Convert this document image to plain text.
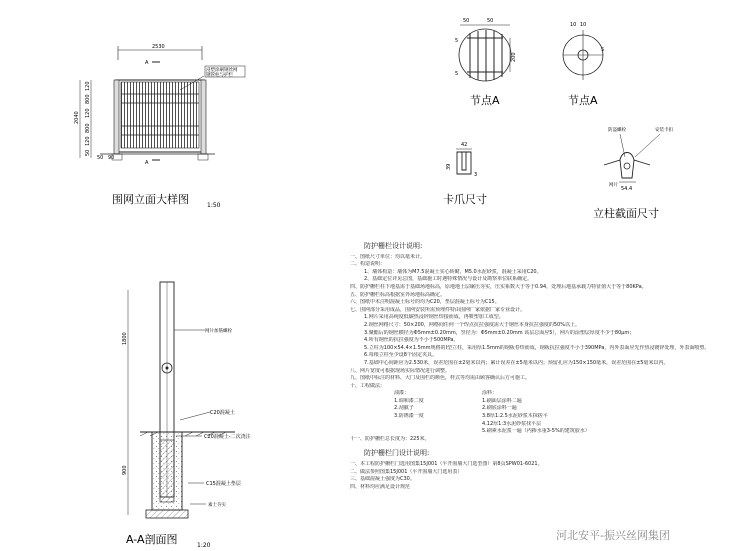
2530
A
A
2040
120
800
120
800
120
50
50 90
浸塑涂刷钢丝网
钢管柱与护栏
围网立面大样图	1:50
50	50
5
5
200
节点A
10 10
5
节点A
42
39
3
卡爪尺寸
防盗螺栓	安装卡扣
网片
54.4
立柱截面尺寸
1800
900
网片加筋螺栓
C20混凝土
C20混凝土-二次浇注
C15混凝土垫层
素土夯实
A-A剖面图	1:20
防护栅栏设计说明:
一、图纸尺寸单位：均以毫米计。
二、构造说明：
1、墙体构造：墙体为M7.5混凝土实心砖砌，M5.0水泥砂浆，混凝土采用C20。
2、基础定位详见总图，基础施工时遇特殊情况与设计及勘察单位联系确定。
四、防护栅栏柱下地基需于基础场地标高，原地地土层碾压夯实，压实系数大于等于0.94，处理后地基承载力特征值大于等于80KPa。
五、防护栅栏标高根据室外场地标高确定。
六、图纸中未注明混凝土标号的均为C20，垫层混凝土标号为C15。
七、围网部分采用成品，围网安装所需预埋件特由围网厂家依据厂家专业设计。
1.网片采用高纯度低碳热浸锌钢丝焊接而成，再喷塑加工成型。
2.钢丝网格尺寸：50×200，网格间任何一个焊点抗拉强度需大于钢丝本身抗拉强度的50%以上。
3.聚酯后的钢丝横径为Φ5mm±0.20mm，竖径为：Φ5mm±0.20mm 该层总面应5），网片的涂塑层厚度不少于80μm；
4.所有钢丝的抗拉强度为不小于500MPa。
5.立柱为100×54.4×1.5mm规格的Ⅰ型立柱，采用厚1.5mm的钢板卷焊而成，钢板抗拉强度不小于390MPa，内外表面应先作热浸镀锌处理，外表面喷塑。
6.每根立柱至少设8个固定夹具。
7.基础中心间距应为2.530米，误差范围在±2毫米以内；累计误差在±5毫米以内；预留孔应为150×150毫米，误差范围在±5毫米以内。
八、网片宽度可根据现场实际情况进行调整。
九、图纸中标注的材料、大门及围栏的颜色，样式等均需由顾客确认后方可施工。
十、工程做法：
油漆：	涂料：
1.调和漆二度	1.刷面层涂料二遍
2.刮腻子	2.刷底涂料一遍
3.防锈漆一度	3.8厚1:2.5水泥砂浆木抹搓平
4.12厚1:3水泥砂浆找平层
5.刷素水泥浆一遍（内掺水重3-5%的建筑胶水）
十一、防护栅栏总长度为：225米。
防护栅栏门设计说明:
一、本工程防护栅栏门选用图集15J001（平开围墙大门选型图）第8页SPW01-6021。
二、做法参照图集15J001（平开围墙大门选用表）
三、基础混凝土强度为C30。
四、材料均应满足设计规范
河北安平-振兴丝网集团
